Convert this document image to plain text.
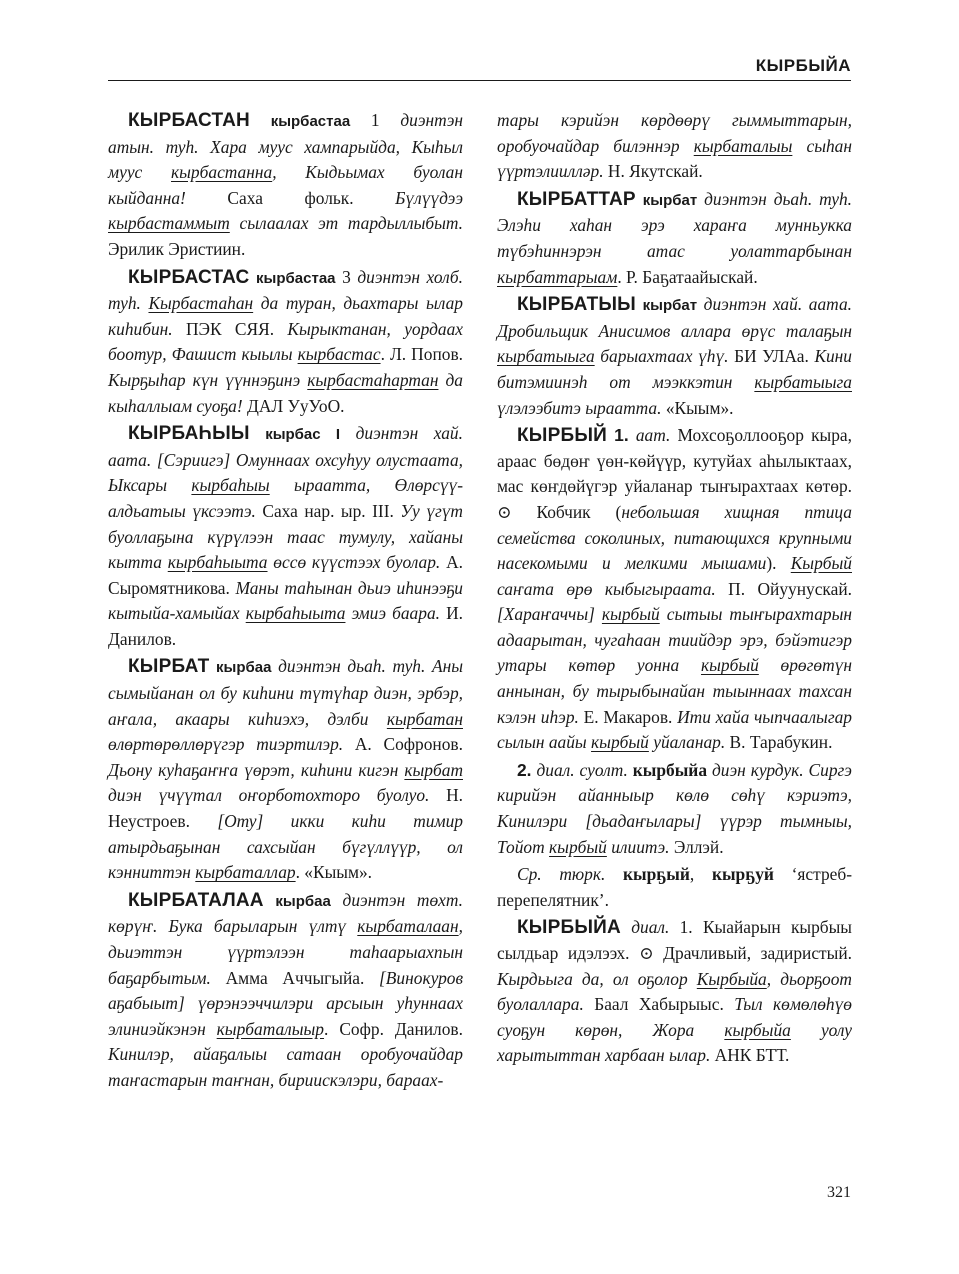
КЫРБЫЙА

КЫРБАСТАН кырбастаа 1 диэнтэн атын. туһ. Хара муус хампарыйда, Кыһыл муус кырбастанна, Кыдьымах буолан кыйданна! Саха фольк. Бүлүүдээ кырбастаммыт сылаалах эт тардыллыбыт. Эрилик Эристиин.

КЫРБАСТАС кырбастаа 3 диэнтэн холб. туһ. Кырбастаһан да туран, дьахтары ылар киһибин. ПЭК СЯЯ. Кырыктанан, уордаах боотур, Фашист кыылы кырбастас. Л. Попов. Кырҕыһар күн үүннэҕинэ кырбастаһартан да кыһаллыам суоҕа! ДАЛ УуУоО.

КЫРБАҺЫЫ кырбас I диэнтэн хай. аата. [Сэриигэ] Омуннаах охсуһуу олустаата, Ыксары кырбаһыы ыраатта, Өлөрсүү-алдьатыы үксээтэ. Саха нар. ыр. III. Уу үгүт буоллаҕына күрүлээн таас тумулу, хайаны кытта кырбаһыыта өссө күүстээх буолар. А. Сыромятникова. Маны таһынан дьиэ иһинээҕи кытыйа-хамыйах кырбаһыыта эмиэ баара. И. Данилов.

КЫРБАТ кырбаа диэнтэн дьаһ. туһ. Аны сымыйанан ол бу киһини түтүһар диэн, эрбэр, аҥала, акаары киһиэхэ, дэлби кырбатан өлөртөрөллөрүгэр тиэртилэр. А. Софронов. Дьону куһаҕаҥҥа үөрэт, киһини кигэн кырбат диэн үчүүтал оҥорботохторо буолуо. Н. Неустроев. [Оту] икки киһи тимир атырдьаҕынан сахсыйан бүгүллүүр, ол кэнниттэн кырбаталлар. «Кыым».

КЫРБАТАЛАА кырбаа диэнтэн төхт. көрүҥ. Бука барыларын үлтү кырбаталаан, дьиэттэн үүртэлээн таһаарыахпын баҕарбытым. Амма Аччыгыйа. [Винокуров аҕабыыт] үөрэнээччилэри арсыын уһуннаах элиниэйкэнэн кырбаталыыр. Софр. Данилов. Кинилэр, айаҕалыы сатаан оробуочайдар таҥастарын таҥнан, бириискэлэри, бараах-

тары кэрийэн көрдөөрү гыммыттарын, оробуочайдар билэннэр кырбаталыы сыһан үүртэлиилләр. Н. Якутскай.

КЫРБАТТАР кырбат диэнтэн дьаһ. туһ. Элэһи хаһан эрэ хараҥа мунньукка түбэһиннэрэн атас уолаттарбынан кырбаттарыам. Р. Баҕатаайыскай.

КЫРБАТЫЫ кырбат диэнтэн хай. аата. Дробильщик Анисимов аллара өрүс талаҕын кырбатыыга барыахтаах үһү. БИ УЛАа. Кини битэмиинэһ от мээккэтин кырбатыыга үлэлээбитэ ыраатта. «Кыым».

КЫРБЫЙ 1. аат. Мохсоҕоллооҕор кыра, араас бөдөҥ үөн-көйүүр, кутуйах аһылыктаах, мас көҥдөйүгэр уйаланар тыҥырахтаах көтөр. ⊙ Кобчик (небольшая хищная птица семейства соколиных, питающихся крупными насекомыми и мелкими мышами). Кырбый саҥата өрө кыбыгыраата. П. Ойуунускай. [Хараҥаччы] кырбый сытыы тыҥырахтарын адаарытан, чугаһаан тиийдэр эрэ, бэйэтигэр утары көтөр уонна кырбый өрөгөтүн аннынан, бу тырыбынайан тыыннаах тахсан кэлэн иһэр. Е. Макаров. Ити хайа чыпчаалыгар сылын аайы кырбый уйаланар. В. Тарабукин.

2. диал. суолт. кырбыйа диэн курдук. Сиргэ кирийэн айанныыр көлө сөһү кэриэтэ, Кинилэри [дьадаҥылары] үүрэр тымныы, Тойот кырбый илиитэ. Эллэй.

Ср. тюрк. кырҕый, кырҕуй ‘ястреб-перепелятник’.

КЫРБЫЙА диал. 1. Кыайарын кырбыы сылдьар идэлээх. ⊙ Драчливый, задиристый. Кырдьыга да, ол оҕолор Кырбыйа, дьорҕоот буолаллара. Баал Хабырыыс. Тыл көмөлөһүө суоҕун көрөн, Жора кырбыйа уолу харытыттан харбаан ылар. АНК БТТ.

321
